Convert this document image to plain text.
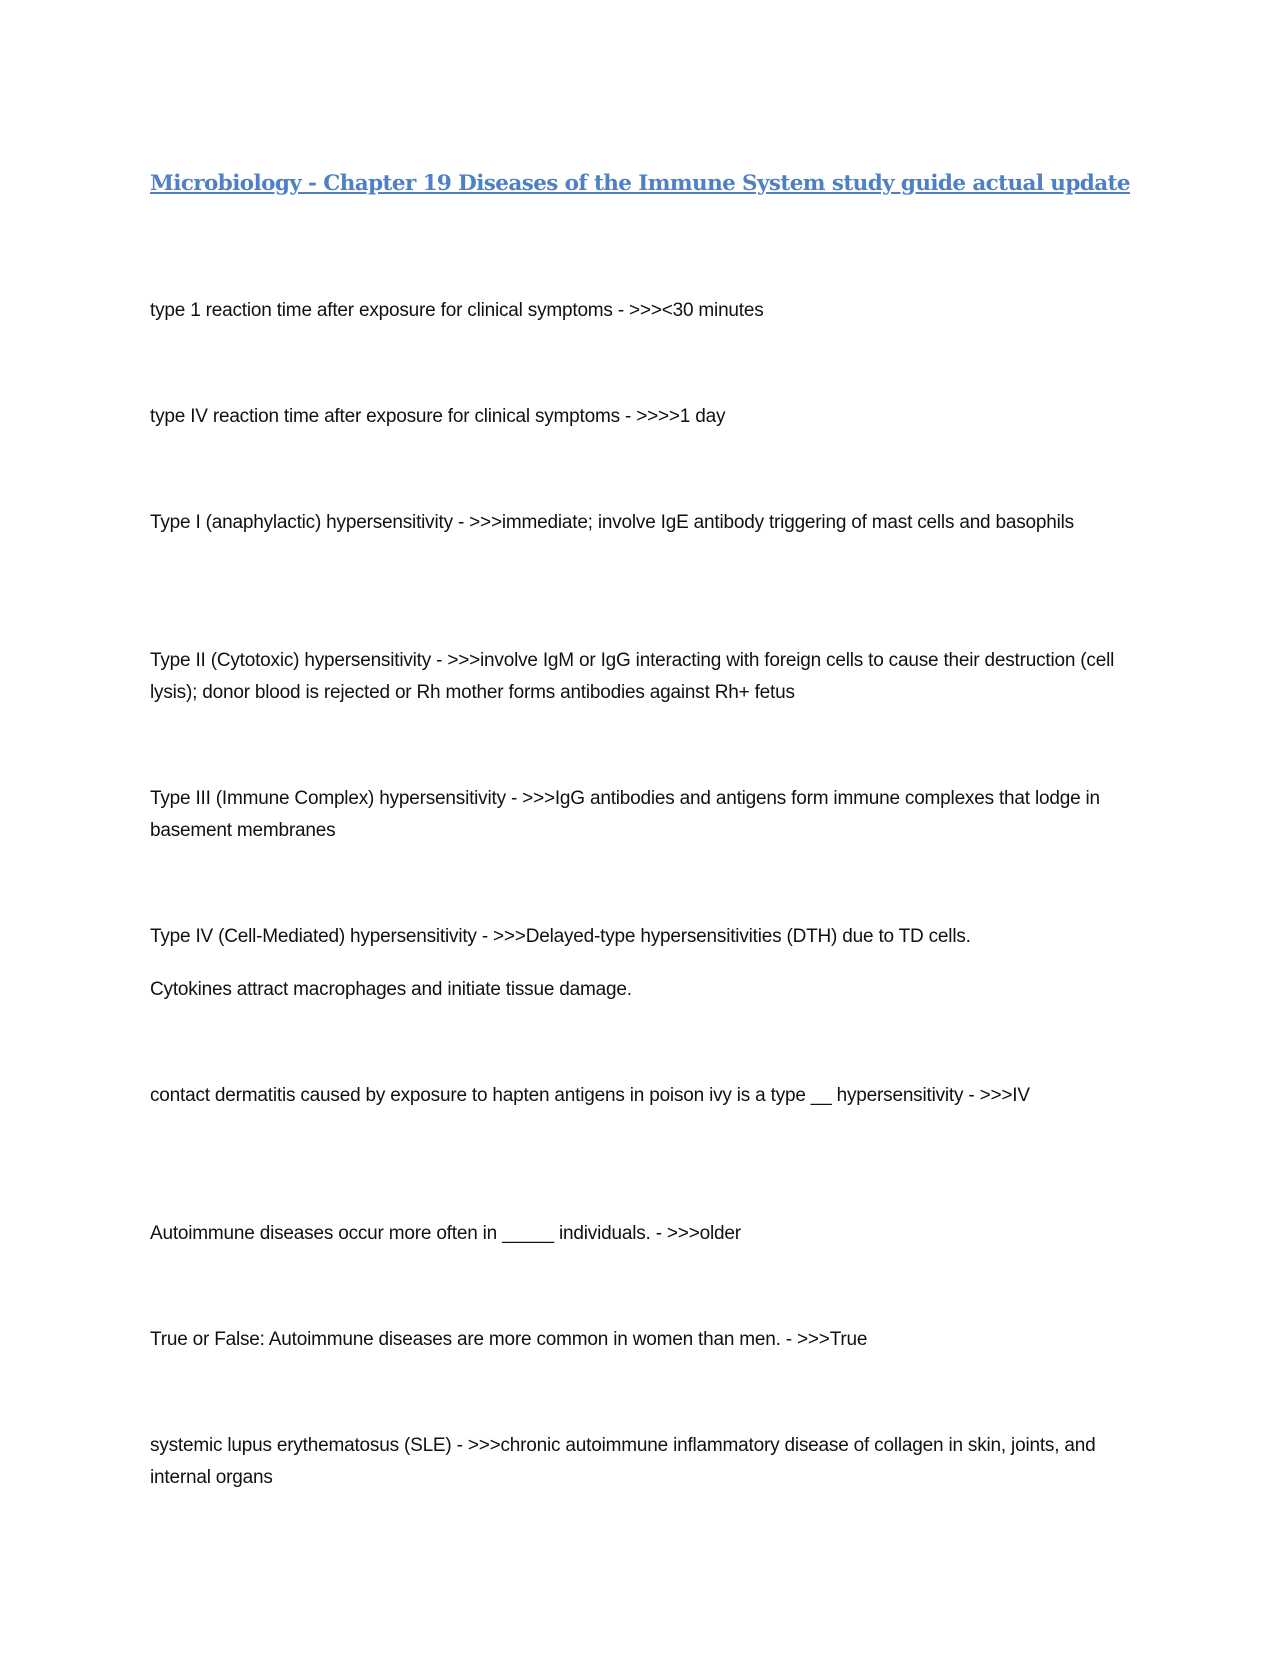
Microbiology - Chapter 19 Diseases of the Immune System study guide actual update
type 1 reaction time after exposure for clinical symptoms - >>><30 minutes
type IV reaction time after exposure for clinical symptoms - >>>>1 day
Type I (anaphylactic) hypersensitivity - >>>immediate; involve IgE antibody triggering of mast cells and basophils
Type II (Cytotoxic) hypersensitivity - >>>involve IgM or IgG interacting with foreign cells to cause their destruction (cell lysis); donor blood is rejected or Rh mother forms antibodies against Rh+ fetus
Type III (Immune Complex) hypersensitivity - >>>IgG antibodies and antigens form immune complexes that lodge in basement membranes
Type IV (Cell-Mediated) hypersensitivity - >>>Delayed-type hypersensitivities (DTH) due to TD cells.
Cytokines attract macrophages and initiate tissue damage.
contact dermatitis caused by exposure to hapten antigens in poison ivy is a type __ hypersensitivity - >>>IV
Autoimmune diseases occur more often in _____ individuals. - >>>older
True or False: Autoimmune diseases are more common in women than men. - >>>True
systemic lupus erythematosus (SLE) - >>>chronic autoimmune inflammatory disease of collagen in skin, joints, and internal organs
